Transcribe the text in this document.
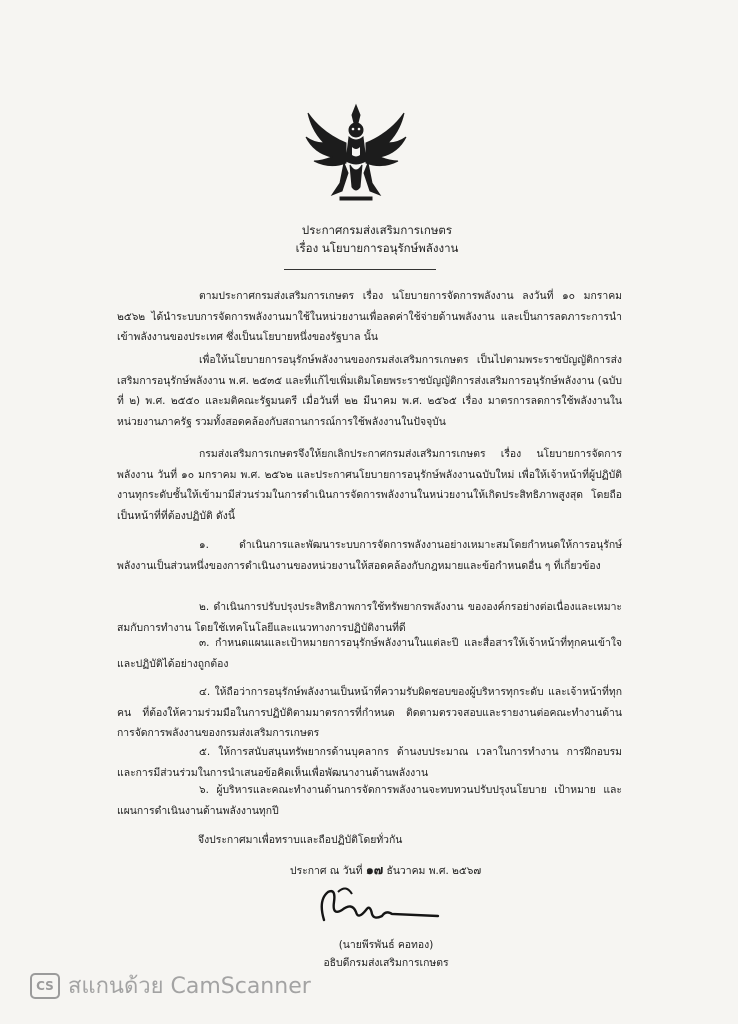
ประกาศกรมส่งเสริมการเกษตร
เรื่อง นโยบายการอนุรักษ์พลังงาน

ตามประกาศกรมส่งเสริมการเกษตร เรื่อง นโยบายการจัดการพลังงาน ลงวันที่ ๑๐ มกราคม ๒๕๖๒ ได้นำระบบการจัดการพลังงานมาใช้ในหน่วยงานเพื่อลดค่าใช้จ่ายด้านพลังงาน และเป็นการลดภาระการนำเข้าพลังงานของประเทศ ซึ่งเป็นนโยบายหนึ่งของรัฐบาล นั้น

เพื่อให้นโยบายการอนุรักษ์พลังงานของกรมส่งเสริมการเกษตร เป็นไปตามพระราชบัญญัติการส่งเสริมการอนุรักษ์พลังงาน พ.ศ. ๒๕๓๕ และที่แก้ไขเพิ่มเติมโดยพระราชบัญญัติการส่งเสริมการอนุรักษ์พลังงาน (ฉบับที่ ๒) พ.ศ. ๒๕๕๐ และมติคณะรัฐมนตรี เมื่อวันที่ ๒๒ มีนาคม พ.ศ. ๒๕๖๕ เรื่อง มาตรการลดการใช้พลังงานในหน่วยงานภาครัฐ รวมทั้งสอดคล้องกับสถานการณ์การใช้พลังงานในปัจจุบัน

กรมส่งเสริมการเกษตรจึงให้ยกเลิกประกาศกรมส่งเสริมการเกษตร เรื่อง นโยบายการจัดการพลังงาน วันที่ ๑๐ มกราคม พ.ศ. ๒๕๖๒ และประกาศนโยบายการอนุรักษ์พลังงานฉบับใหม่ เพื่อให้เจ้าหน้าที่ผู้ปฏิบัติงานทุกระดับชั้นให้เข้ามามีส่วนร่วมในการดำเนินการจัดการพลังงานในหน่วยงานให้เกิดประสิทธิภาพสูงสุด โดยถือเป็นหน้าที่ที่ต้องปฏิบัติ ดังนี้

๑. ดำเนินการและพัฒนาระบบการจัดการพลังงานอย่างเหมาะสมโดยกำหนดให้การอนุรักษ์พลังงานเป็นส่วนหนึ่งของการดำเนินงานของหน่วยงานให้สอดคล้องกับกฎหมายและข้อกำหนดอื่น ๆ ที่เกี่ยวข้อง

๒. ดำเนินการปรับปรุงประสิทธิภาพการใช้ทรัพยากรพลังงาน ขององค์กรอย่างต่อเนื่องและเหมาะสมกับการทำงาน โดยใช้เทคโนโลยีและแนวทางการปฏิบัติงานที่ดี

๓. กำหนดแผนและเป้าหมายการอนุรักษ์พลังงานในแต่ละปี และสื่อสารให้เจ้าหน้าที่ทุกคนเข้าใจและปฏิบัติได้อย่างถูกต้อง

๔. ให้ถือว่าการอนุรักษ์พลังงานเป็นหน้าที่ความรับผิดชอบของผู้บริหารทุกระดับ และเจ้าหน้าที่ทุกคน ที่ต้องให้ความร่วมมือในการปฏิบัติตามมาตรการที่กำหนด ติดตามตรวจสอบและรายงานต่อคณะทำงานด้านการจัดการพลังงานของกรมส่งเสริมการเกษตร

๕. ให้การสนับสนุนทรัพยากรด้านบุคลากร ด้านงบประมาณ เวลาในการทำงาน การฝึกอบรม และการมีส่วนร่วมในการนำเสนอข้อคิดเห็นเพื่อพัฒนางานด้านพลังงาน

๖. ผู้บริหารและคณะทำงานด้านการจัดการพลังงานจะทบทวนปรับปรุงนโยบาย เป้าหมาย และแผนการดำเนินงานด้านพลังงานทุกปี

จึงประกาศมาเพื่อทราบและถือปฏิบัติโดยทั่วกัน
ประกาศ ณ วันที่ ๑๗ ธันวาคม พ.ศ. ๒๕๖๗
(นายพีรพันธ์ คอทอง)
อธิบดีกรมส่งเสริมการเกษตร
CS สแกนด้วย CamScanner
